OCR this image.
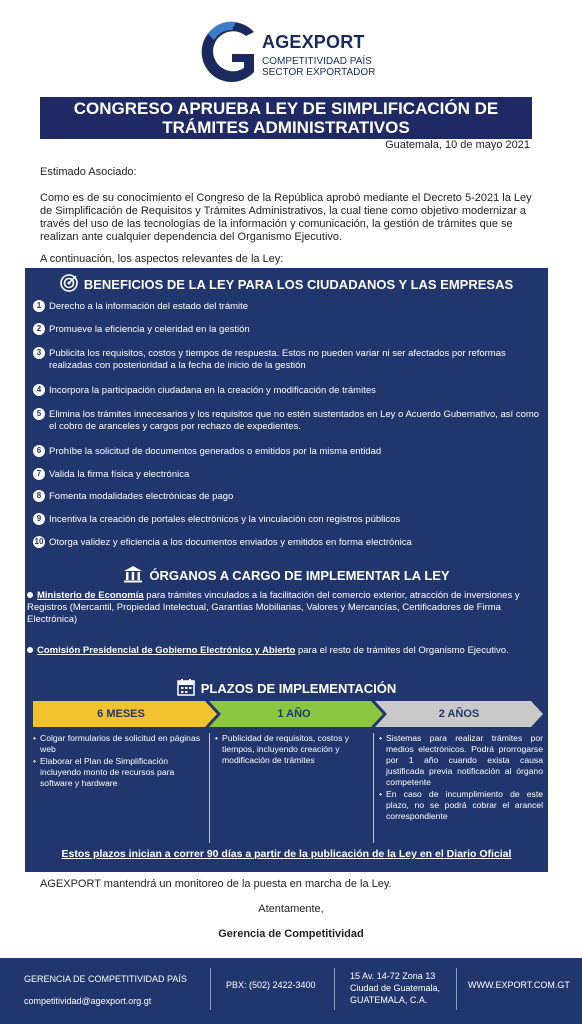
AGEXPORT
COMPETITIVIDAD PAÍS
SECTOR EXPORTADOR
CONGRESO APRUEBA LEY DE SIMPLIFICACIÓN DE
TRÁMITES ADMINISTRATIVOS
Guatemala, 10 de mayo 2021
Estimado Asociado:
Como es de su conocimiento el Congreso de la República aprobó mediante el Decreto 5-2021 la Ley de Simplificación de Requisitos y Trámites Administrativos, la cual tiene como objetivo modernizar a través del uso de las tecnologías de la información y comunicación, la gestión de trámites que se realizan ante cualquier dependencia del Organismo Ejecutivo.
A continuación, los aspectos relevantes de la Ley:
BENEFICIOS DE LA LEY PARA LOS CIUDADANOS Y LAS EMPRESAS
1 Derecho a la información del estado del trámite
2 Promueve la eficiencia y celeridad en la gestión
3 Publicita los requisitos, costos y tiempos de respuesta. Estos no pueden variar ni ser afectados por reformas realizadas con posterioridad a la fecha de inicio de la gestión
4 Incorpora la participación ciudadana en la creación y modificación de trámites
5 Elimina los trámites innecesarios y los requisitos que no estén sustentados en Ley o Acuerdo Gubernativo, así como el cobro de aranceles y cargos por rechazo de expedientes.
6 Prohíbe la solicitud de documentos generados o emitidos por la misma entidad
7 Valida la firma física y electrónica
8 Fomenta modalidades electrónicas de pago
9 Incentiva la creación de portales electrónicos y la vinculación con registros públicos
10 Otorga validez y eficiencia a los documentos enviados y emitidos en forma electrónica
ÓRGANOS A CARGO DE IMPLEMENTAR LA LEY
Ministerio de Economía para trámites vinculados a la facilitación del comercio exterior, atracción de inversiones y Registros (Mercantil, Propiedad Intelectual, Garantías Mobiliarias, Valores y Mercancías, Certificadores de Firma Electrónica)
Comisión Presidencial de Gobierno Electrónico y Abierto para el resto de trámites del Organismo Ejecutivo.
PLAZOS DE IMPLEMENTACIÓN
6 MESES	1 AÑO	2 AÑOS
• Colgar formularios de solicitud en páginas web
• Elaborar el Plan de Simplificación incluyendo monto de recursos para software y hardware
• Publicidad de requisitos, costos y tiempos, incluyendo creación y modificación de trámites
• Sistemas para realizar trámites por medios electrónicos. Podrá prorrogarse por 1 año cuando exista causa justificada previa notificación al órgano competente
• En caso de incumplimiento de este plazo, no se podrá cobrar el arancel correspondiente
Estos plazos inician a correr 90 días a partir de la publicación de la Ley en el Diario Oficial
AGEXPORT mantendrá un monitoreo de la puesta en marcha de la Ley.
Atentamente,
Gerencia de Competitividad
GERENCIA DE COMPETITIVIDAD PAÍS
competitividad@agexport.org.gt
PBX: (502) 2422-3400
15 Av. 14-72 Zona 13
Ciudad de Guatemala,
GUATEMALA, C.A.
WWW.EXPORT.COM.GT
